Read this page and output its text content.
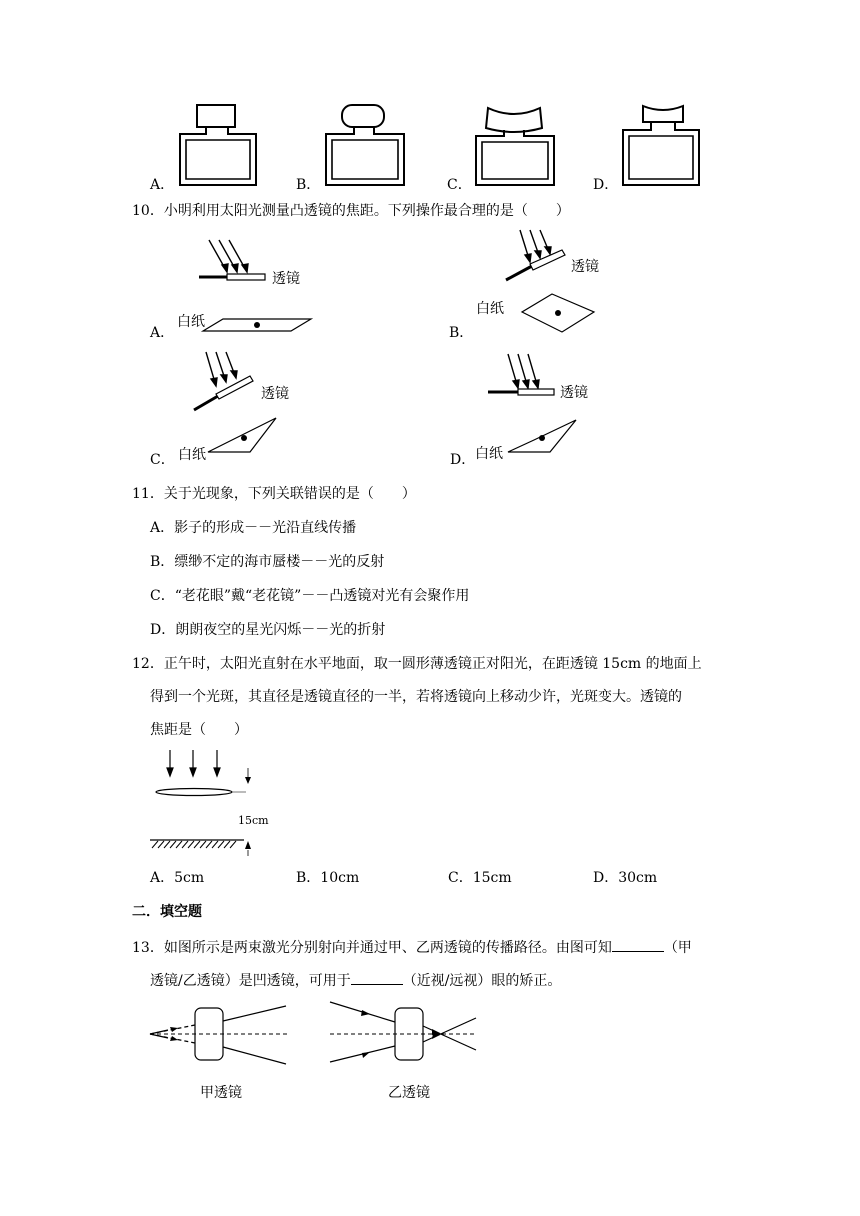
A．	B．	C．	D．
10．小明利用太阳光测量凸透镜的焦距。下列操作最合理的是（　　）
透镜
白纸
A．
透镜
白纸
B．
透镜
白纸
C．
透镜
白纸
D．
11．关于光现象，下列关联错误的是（　　）
A．影子的形成－－光沿直线传播
B．缥缈不定的海市蜃楼－－光的反射
C．“老花眼”戴“老花镜”－－凸透镜对光有会聚作用
D．朗朗夜空的星光闪烁－－光的折射
12．正午时，太阳光直射在水平地面，取一圆形薄透镜正对阳光，在距透镜 15cm 的地面上
得到一个光斑，其直径是透镜直径的一半，若将透镜向上移动少许，光斑变大。透镜的
焦距是（　　）
15cm
A．5cm	B．10cm	C．15cm	D．30cm
二．填空题
13．如图所示是两束激光分别射向并通过甲、乙两透镜的传播路径。由图可知	（甲
透镜/乙透镜）是凹透镜，可用于	（近视/远视）眼的矫正。
甲透镜	乙透镜
